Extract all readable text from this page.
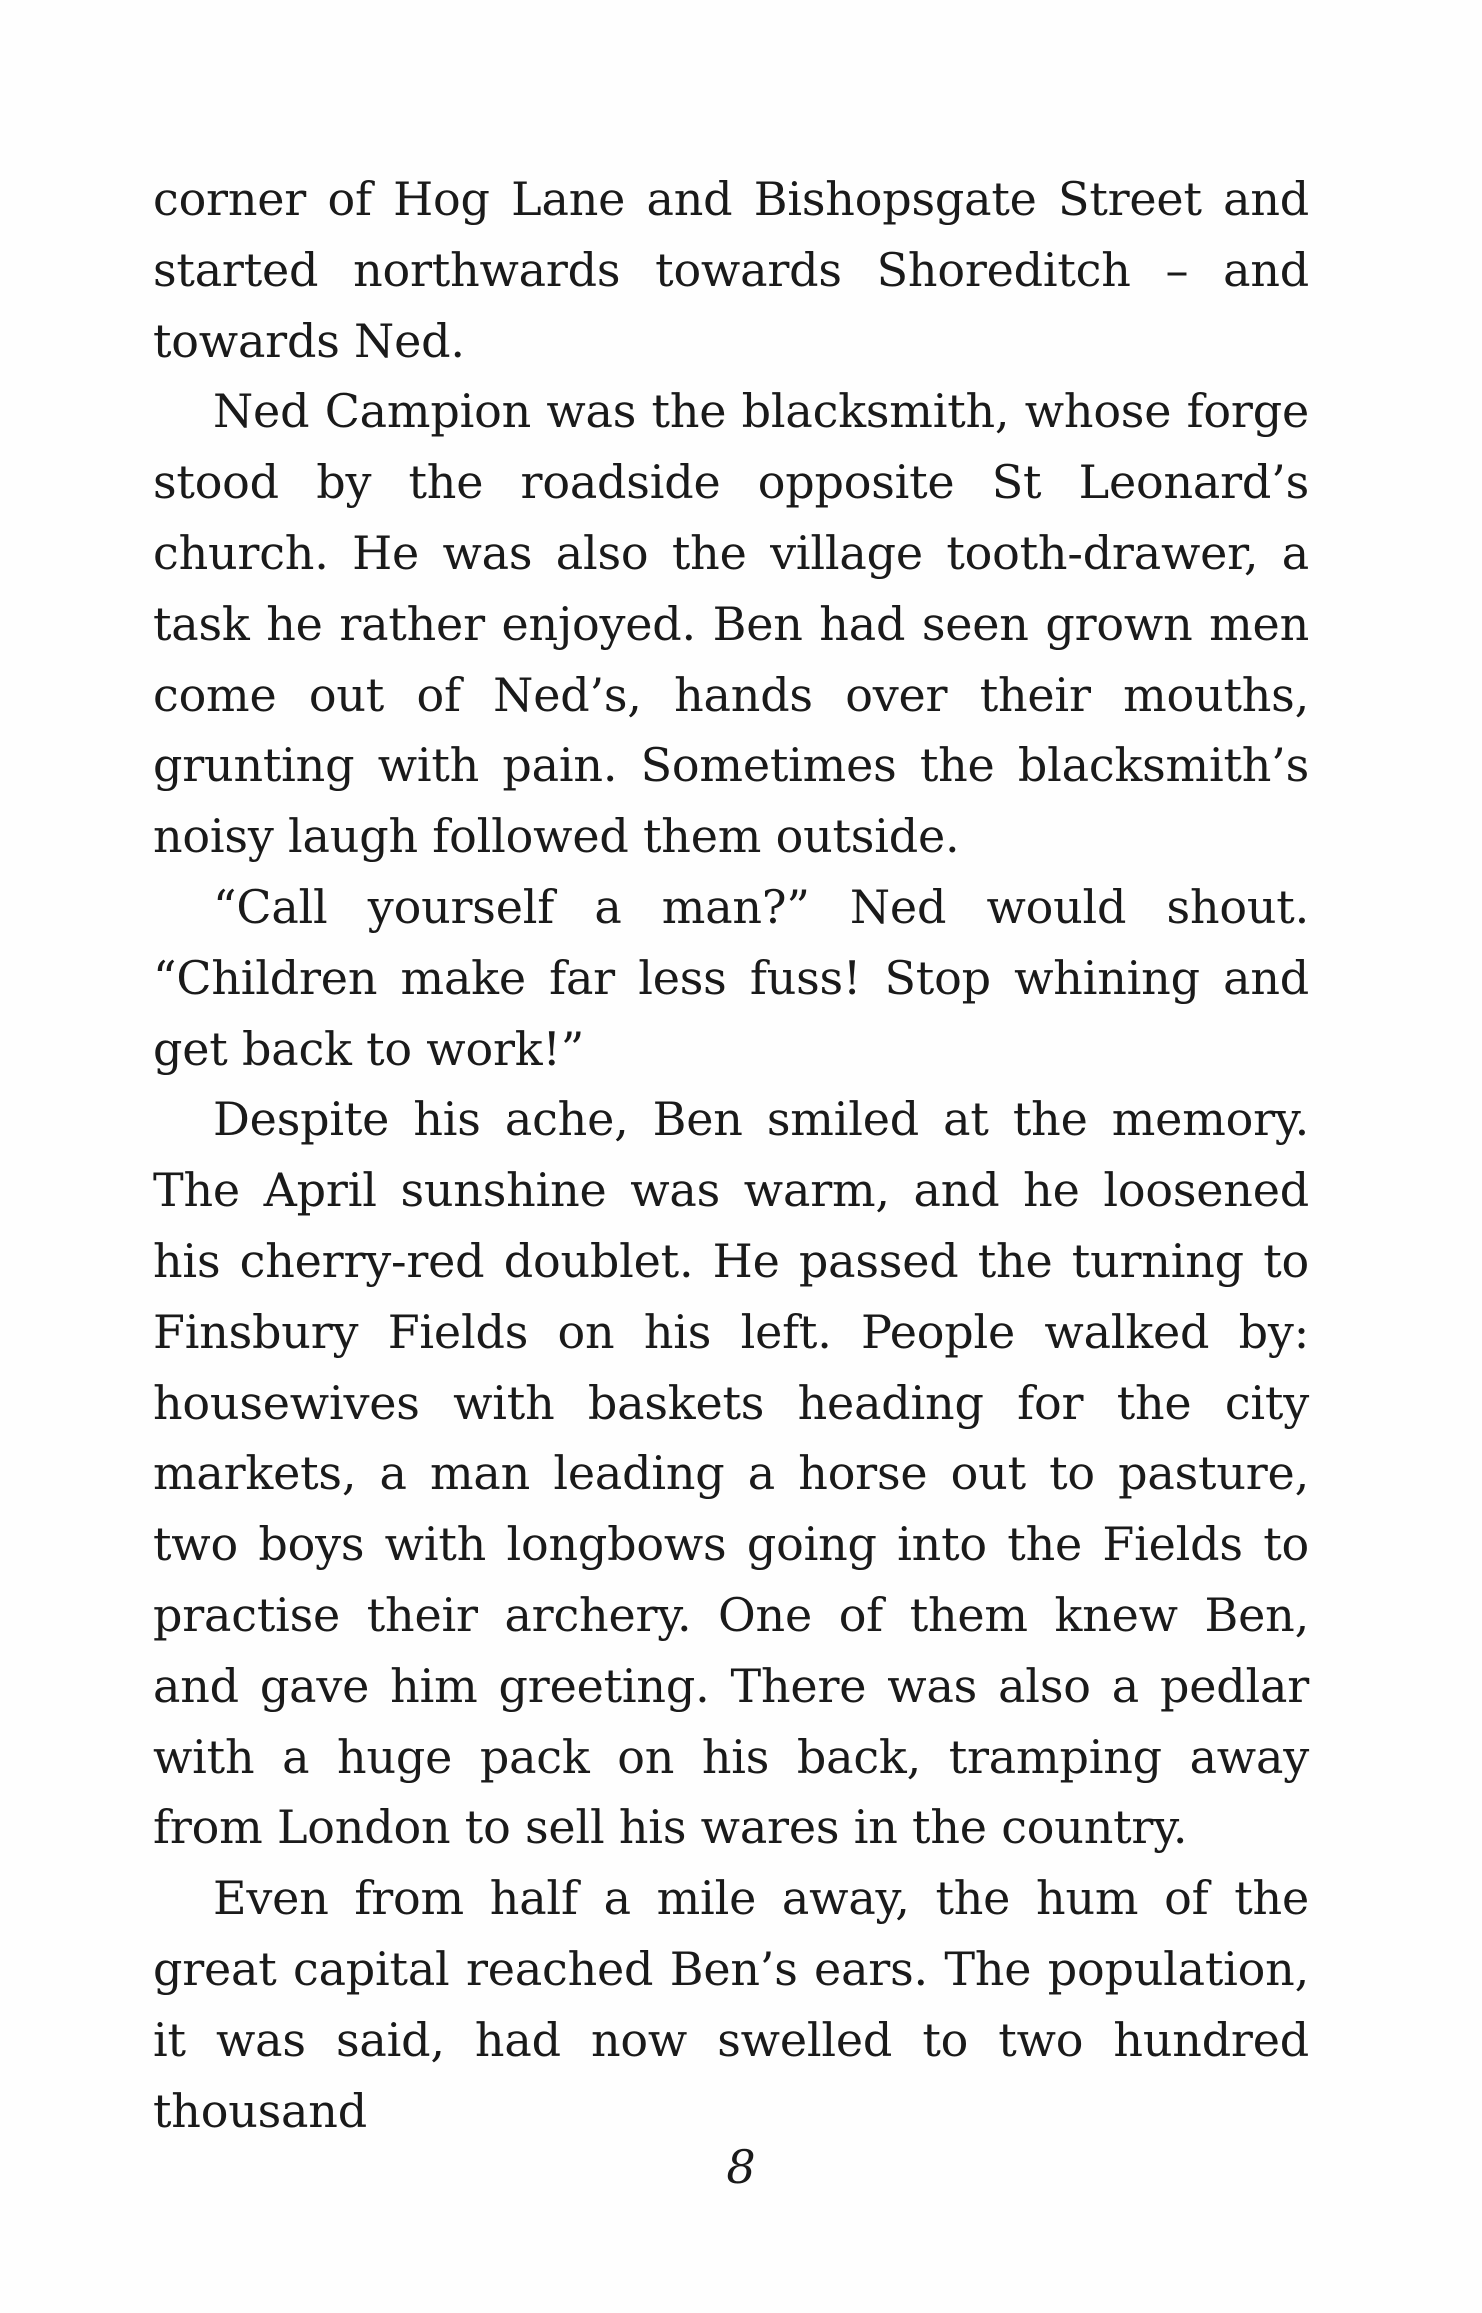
corner of Hog Lane and Bishopsgate Street and started northwards towards Shoreditch – and towards Ned.

Ned Campion was the blacksmith, whose forge stood by the roadside opposite St Leonard’s church. He was also the village tooth-drawer, a task he rather enjoyed. Ben had seen grown men come out of Ned’s, hands over their mouths, grunting with pain. Sometimes the blacksmith’s noisy laugh followed them outside.

“Call yourself a man?” Ned would shout. “Children make far less fuss! Stop whining and get back to work!”

Despite his ache, Ben smiled at the memory. The April sunshine was warm, and he loosened his cherry-red doublet. He passed the turning to Finsbury Fields on his left. People walked by: housewives with baskets heading for the city markets, a man leading a horse out to pasture, two boys with longbows going into the Fields to practise their archery. One of them knew Ben, and gave him greeting. There was also a pedlar with a huge pack on his back, tramping away from London to sell his wares in the country.

Even from half a mile away, the hum of the great capital reached Ben’s ears. The population, it was said, had now swelled to two hundred thousand

8
